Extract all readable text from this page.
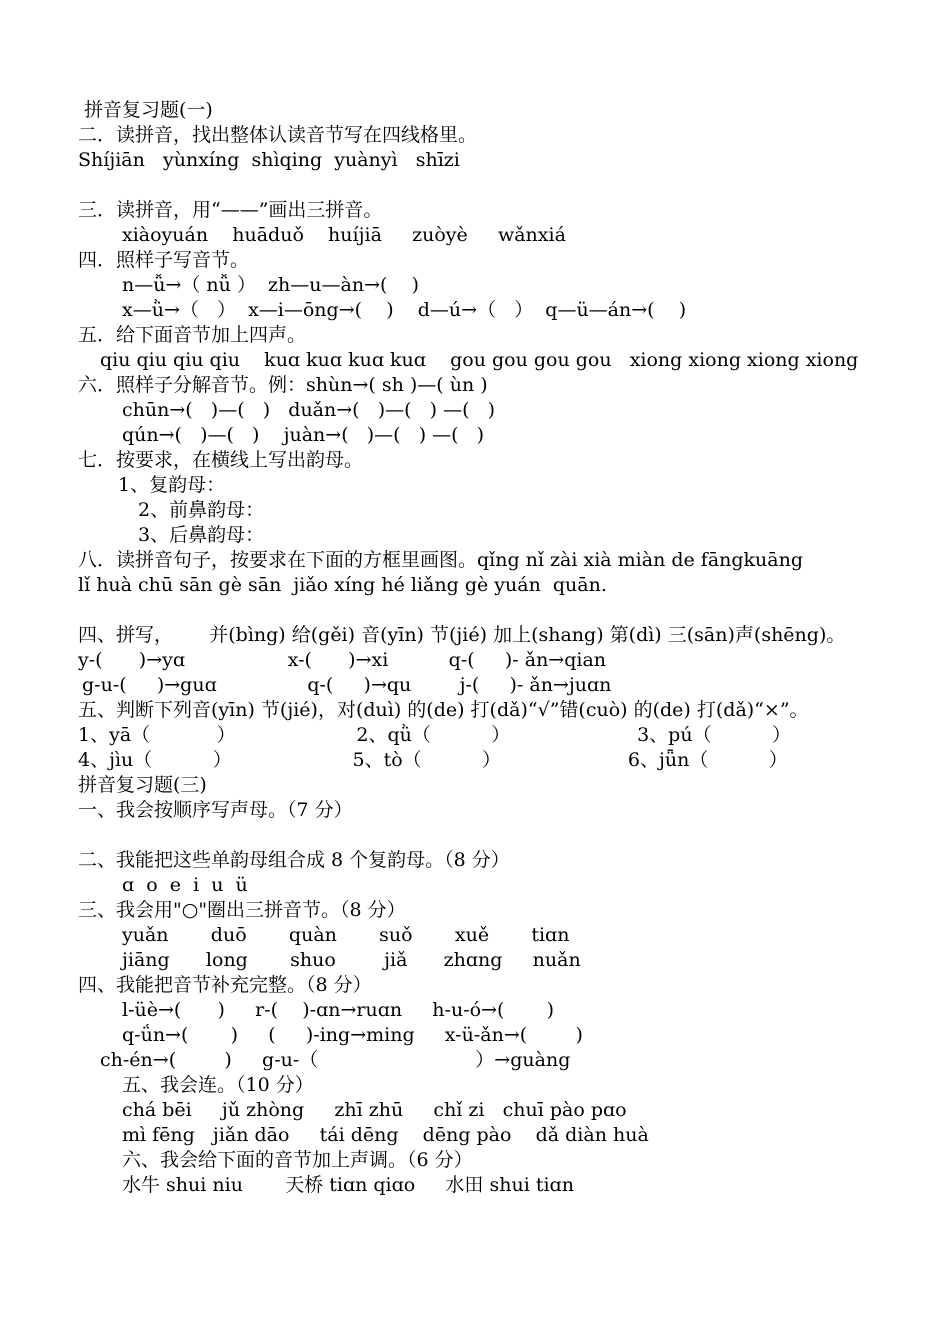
拼音复习题(一)
二．读拼音，找出整体认读音节写在四线格里。
Shíjiān   yùnxíng  shìqing  yuànyì   shīzi
三．读拼音，用“——”画出三拼音。
xiàoyuán    huāduǒ    huíjiā     zuòyè     wǎnxiá
四．照样子写音节。
n—ǚ→（ nǚ ）  zh—u—àn→(    )
x—ǜ→（   ）  x—i—ōng→(    )    d—ú→（   ）  q—ü—án→(    )
五．给下面音节加上四声。
qiu qiu qiu qiu    kuɑ kuɑ kuɑ kuɑ    gou gou gou gou   xiong xiong xiong xiong
六．照样子分解音节。例：shùn→( sh )—( ùn )
chūn→(   )—(   )   duǎn→(   )—(   ) —(   )
qún→(   )—(   )    juàn→(   )—(   ) —(   )
七．按要求，在横线上写出韵母。
1、复韵母：
2、前鼻韵母：
3、后鼻韵母：
八．读拼音句子，按要求在下面的方框里画图。qǐng nǐ zài xià miàn de fāngkuāng
lǐ huà chū sān gè sān  jiǎo xíng hé liǎng gè yuán  quān.
四、拼写，      并(bìng) 给(gěi) 音(yīn) 节(jié) 加上(shang) 第(dì) 三(sān)声(shēng)。
y-(      )→yɑ                 x-(      )→xi          q-(     )- ǎn→qian
g-u-(     )→guɑ               q-(     )→qu        j-(     )- ǎn→juɑn
五、判断下列音(yīn) 节(jié)，对(duì) 的(de) 打(dǎ)“√”错(cuò) 的(de) 打(dǎ)“×”。
1、yā（           ）                    2、qǜ（          ）                     3、pú（          ）
4、jìu（          ）                    5、tò（          ）                     6、jǖn（          ）
拼音复习题(三)
一、我会按顺序写声母。（7 分）
二、我能把这些单韵母组合成 8 个复韵母。（8 分）
ɑ  o  e  i  u  ü
三、我会用"○"圈出三拼音节。（8 分）
yuǎn       duō       quàn       suǒ       xuě       tiɑn
jiāng      long       shuo        jiǎ      zhɑng     nuǎn
四、我能把音节补充完整。（8 分）
l-üè→(      )     r-(    )-ɑn→ruɑn     h-u-ó→(       )
q-ǘn→(       )     (     )-ing→ming     x-ü-ǎn→(        )
ch-én→(        )     g-u-（                          ）→guàng
五、我会连。（10 分）
chá bēi     jǔ zhòng     zhī zhū     chǐ zi   chuī pào pɑo
mì fēng   jiǎn dāo     tái dēng    dēng pào    dǎ diàn huà
六、我会给下面的音节加上声调。（6 分）
水牛 shui niu       天桥 tiɑn qiɑo     水田 shui tiɑn
